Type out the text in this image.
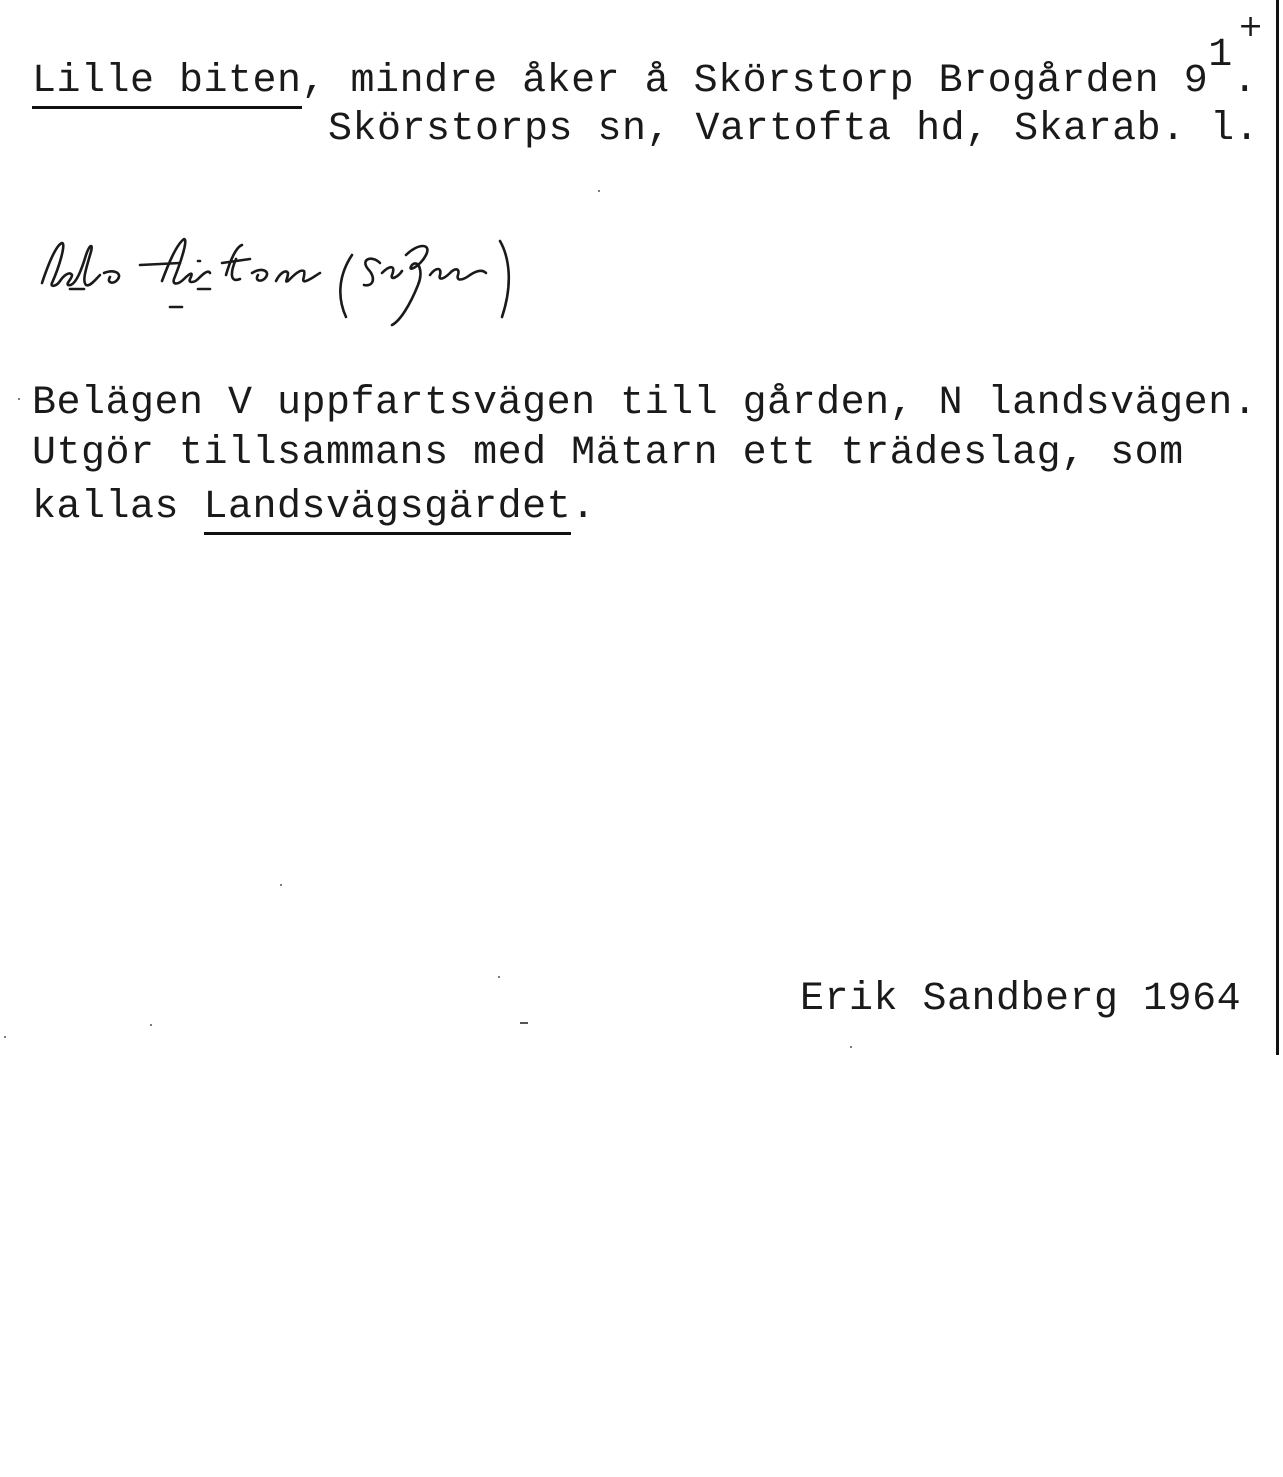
+
Lille biten, mindre åker å Skörstorp Brogården 91.
Skörstorps sn, Vartofta hd, Skarab. l.
Belägen V uppfartsvägen till gården, N landsvägen.
Utgör tillsammans med Mätarn ett trädeslag, som
kallas Landsvägsgärdet.
Erik Sandberg 1964
